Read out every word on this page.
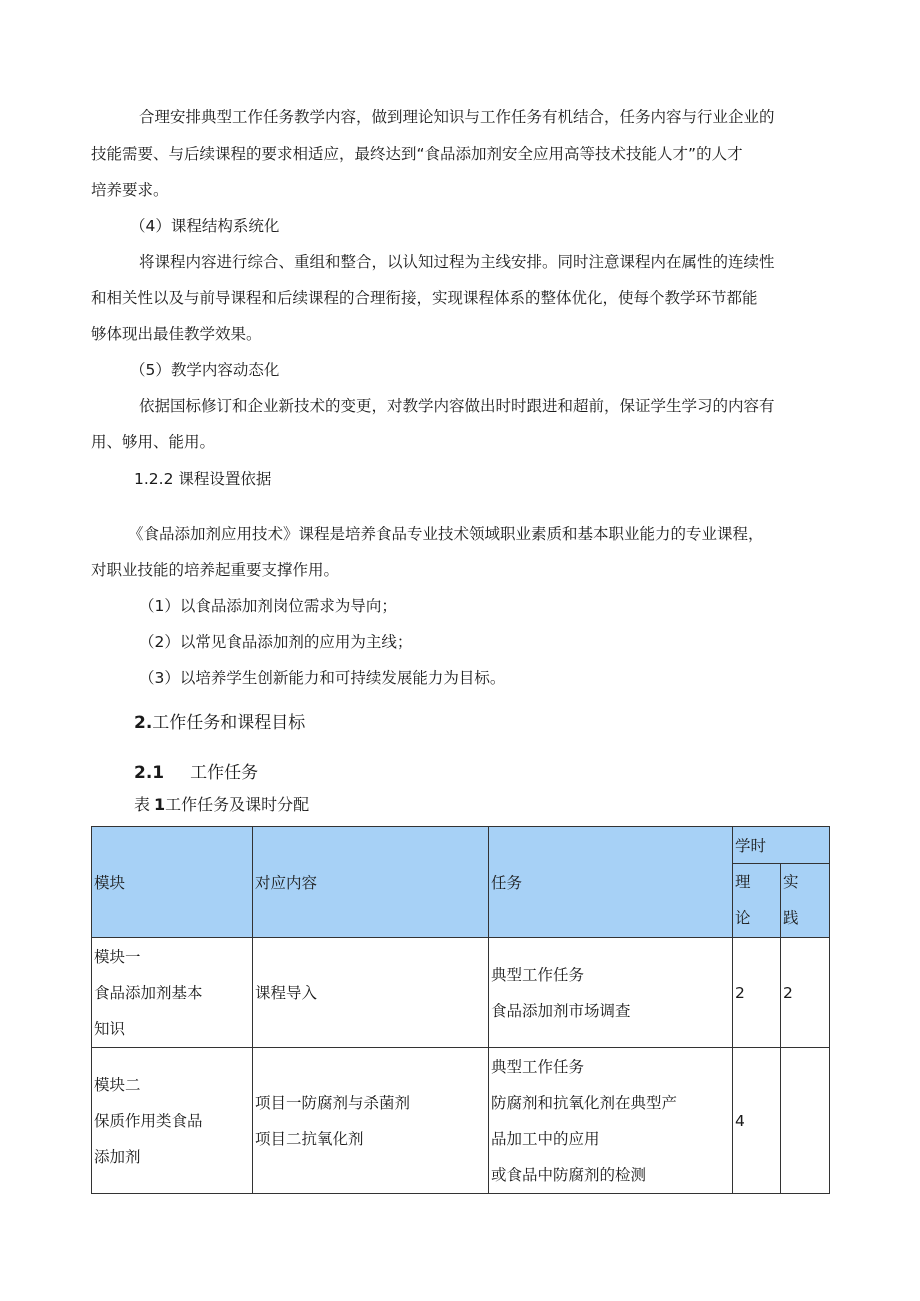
合理安排典型工作任务教学内容，做到理论知识与工作任务有机结合，任务内容与行业企业的

技能需要、与后续课程的要求相适应，最终达到“食品添加剂安全应用高等技术技能人才”的人才

培养要求。

（4）课程结构系统化

将课程内容进行综合、重组和整合，以认知过程为主线安排。同时注意课程内在属性的连续性

和相关性以及与前导课程和后续课程的合理衔接，实现课程体系的整体优化，使每个教学环节都能

够体现出最佳教学效果。

（5）教学内容动态化

依据国标修订和企业新技术的变更，对教学内容做出时时跟进和超前，保证学生学习的内容有

用、够用、能用。

1.2.2 课程设置依据

《食品添加剂应用技术》课程是培养食品专业技术领域职业素质和基本职业能力的专业课程，

对职业技能的培养起重要支撑作用。

（1）以食品添加剂岗位需求为导向；

（2）以常见食品添加剂的应用为主线；

（3）以培养学生创新能力和可持续发展能力为目标。

2.工作任务和课程目标
2.1 工作任务
表 1工作任务及课时分配
模块	对应内容	任务	学时	

			理
论	实
践

模块一
食品添加剂基本
知识	课程导入	典型工作任务
食品添加剂市场调查	2	2

模块二
保质作用类食品
添加剂	项目一防腐剂与杀菌剂
项目二抗氧化剂	典型工作任务
防腐剂和抗氧化剂在典型产
品加工中的应用
或食品中防腐剂的检测	4	
